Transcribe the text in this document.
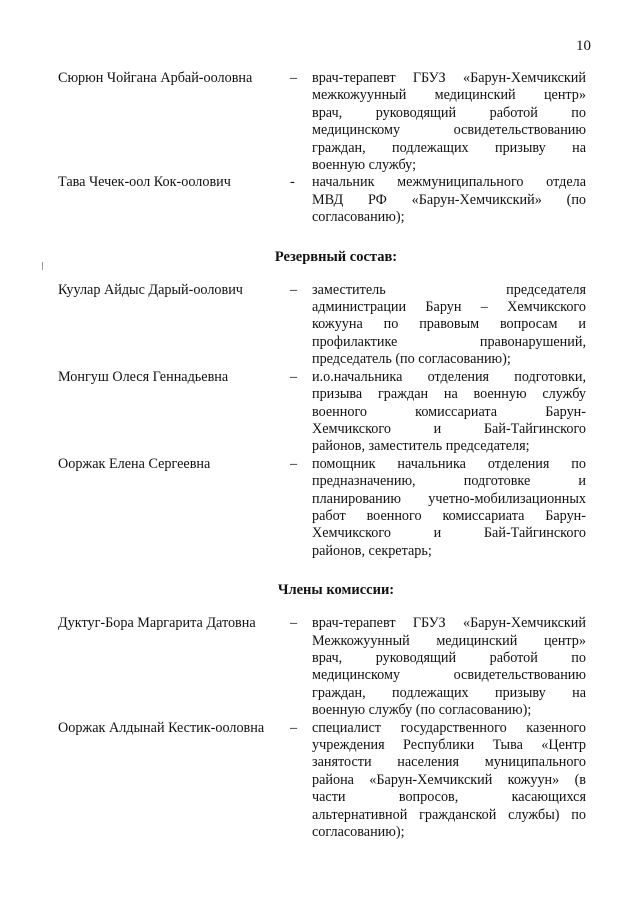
10
Сюрюн Чойгана Арбай-ооловна	–	врач-терапевт ГБУЗ «Барун-Хемчикский
межкожуунный медицинский центр»
врач, руководящий работой по
медицинскому освидетельствованию
граждан, подлежащих призыву на
военную службу;
Тава Чечек-оол Кок-оолович	-	начальник межмуниципального отдела
МВД РФ «Барун-Хемчикский» (по
согласованию);
Резервный состав:
Куулар Айдыс Дарый-оолович	–	заместитель председателя
администрации Барун – Хемчикского
кожууна по правовым вопросам и
профилактике правонарушений,
председатель (по согласованию);
Монгуш Олеся Геннадьевна	–	и.о.начальника отделения подготовки,
призыва граждан на военную службу
военного комиссариата Барун-
Хемчикского и Бай-Тайгинского
районов, заместитель председателя;
Ооржак Елена Сергеевна	–	помощник начальника отделения по
предназначению, подготовке и
планированию учетно-мобилизационных
работ военного комиссариата Барун-
Хемчикского и Бай-Тайгинского
районов, секретарь;
Члены комиссии:
Дуктуг-Бора Маргарита Датовна	–	врач-терапевт ГБУЗ «Барун-Хемчикский
Межкожуунный медицинский центр»
врач, руководящий работой по
медицинскому освидетельствованию
граждан, подлежащих призыву на
военную службу (по согласованию);
Ооржак Алдынай Кестик-ооловна	–	специалист государственного казенного
учреждения Республики Тыва «Центр
занятости населения муниципального
района «Барун-Хемчикский кожуун» (в
части вопросов, касающихся
альтернативной гражданской службы) по
согласованию);
